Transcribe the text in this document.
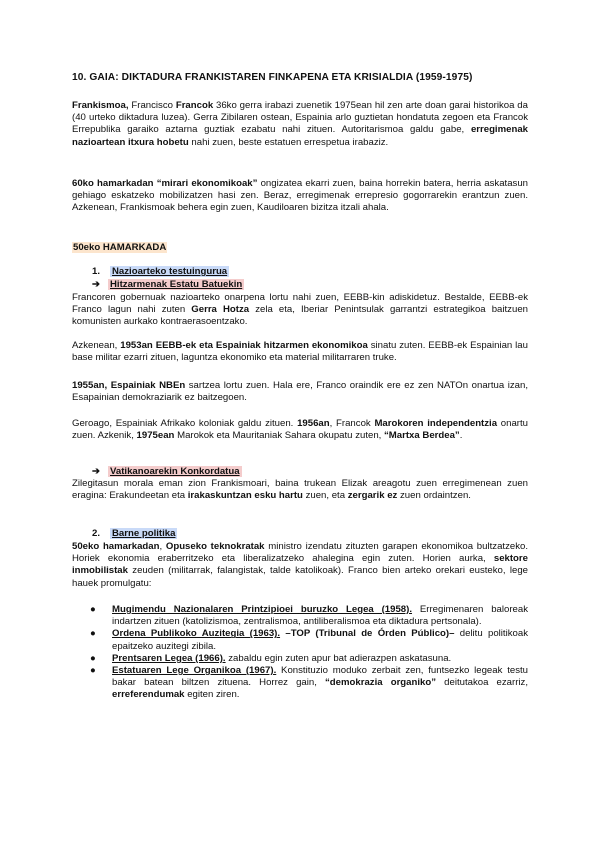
10. GAIA: DIKTADURA FRANKISTAREN FINKAPENA ETA KRISIALDIA (1959-1975)

Frankismoa, Francisco Francok 36ko gerra irabazi zuenetik 1975ean hil zen arte doan garai historikoa da (40 urteko diktadura luzea). Gerra Zibilaren ostean, Espainia arlo guztietan hondatuta zegoen eta Francok Errepublika garaiko aztarna guztiak ezabatu nahi zituen. Autoritarismoa galdu gabe, erregimenak nazioartean itxura hobetu nahi zuen, beste estatuen errespetua irabaziz.

60ko hamarkadan “mirari ekonomikoak” ongizatea ekarri zuen, baina horrekin batera, herria askatasun gehiago eskatzeko mobilizatzen hasi zen. Beraz, erregimenak errepresio gogorrarekin erantzun zuen. Azkenean, Frankismoak behera egin zuen, Kaudiloaren bizitza itzali ahala.

50eko HAMARKADA
1. Nazioarteko testuingurua
➔ Hitzarmenak Estatu Batuekin

Francoren gobernuak nazioarteko onarpena lortu nahi zuen, EEBB-kin adiskidetuz. Bestalde, EEBB-ek Franco lagun nahi zuten Gerra Hotza zela eta, Iberiar Penintsulak garrantzi estrategikoa baitzuen komunisten aurkako kontraerasoentzako.

Azkenean, 1953an EEBB-ek eta Espainiak hitzarmen ekonomikoa sinatu zuten. EEBB-ek Espainian lau base militar ezarri zituen, laguntza ekonomiko eta material militarraren truke.

1955an, Espainiak NBEn sartzea lortu zuen. Hala ere, Franco oraindik ere ez zen NATOn onartua izan, Esapainian demokraziarik ez baitzegoen.

Geroago, Espainiak Afrikako koloniak galdu zituen. 1956an, Francok Marokoren independentzia onartu zuen. Azkenik, 1975ean Marokok eta Mauritaniak Sahara okupatu zuten, “Martxa Berdea”.

➔ Vatikanoarekin Konkordatua

Zilegitasun morala eman zion Frankismoari, baina trukean Elizak areagotu zuen erregimenean zuen eragina: Erakundeetan eta irakaskuntzan esku hartu zuen, eta zergarik ez zuen ordaintzen.

2. Barne politika

50eko hamarkadan, Opuseko teknokratak ministro izendatu zituzten garapen ekonomikoa bultzatzeko. Horiek ekonomia eraberritzeko eta liberalizatzeko ahalegina egin zuten. Horien aurka, sektore inmobilistak zeuden (militarrak, falangistak, talde katolikoak). Franco bien arteko orekari eusteko, lege hauek promulgatu:

● Mugimendu Nazionalaren Printzipioei buruzko Legea (1958). Erregimenaren baloreak indartzen zituen (katolizismoa, zentralismoa, antiliberalismoa eta diktadura pertsonala).
● Ordena Publikoko Auzitegia (1963). –TOP (Tribunal de Órden Público)– delitu politikoak epaitzeko auzitegi zibila.
● Prentsaren Legea (1966). zabaldu egin zuten apur bat adierazpen askatasuna.
● Estatuaren Lege Organikoa (1967). Konstituzio moduko zerbait zen, funtsezko legeak testu bakar batean biltzen zituena. Horrez gain, “demokrazia organiko” deitutakoa ezarriz, erreferendumak egiten ziren.
